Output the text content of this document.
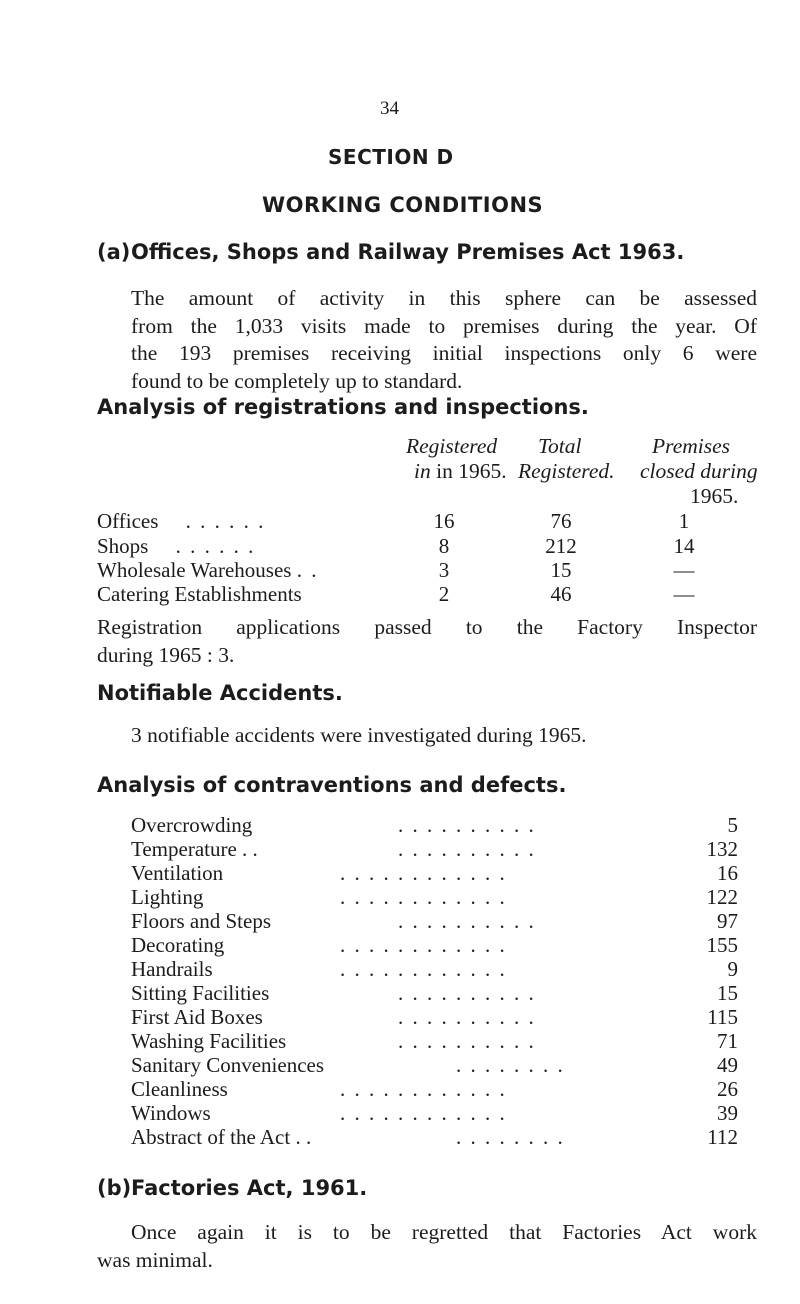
34
SECTION D
WORKING CONDITIONS
(a) Offices, Shops and Railway Premises Act 1963.
The amount of activity in this sphere can be assessed
from the 1,033 visits made to premises during the year. Of
the 193 premises receiving initial inspections only 6 were
found to be completely up to standard.
Analysis of registrations and inspections.
Registered
in in 1965.
Total
Registered.
Premises
closed during
1965.
Offices . . . . . .	16	76	1
Shops . . . . . .	8	212	14
Wholesale Warehouses . .	3	15	—
Catering Establishments	2	46	—
Registration applications passed to the Factory Inspector
during 1965 : 3.
Notifiable Accidents.
3 notifiable accidents were investigated during 1965.
Analysis of contraventions and defects.
Overcrowding	. . . . . . . . . .	5
Temperature . .	. . . . . . . . . .	132
Ventilation	. . . . . . . . . . . .	16
Lighting	. . . . . . . . . . . .	122
Floors and Steps	. . . . . . . . . .	97
Decorating	. . . . . . . . . . . .	155
Handrails	. . . . . . . . . . . .	9
Sitting Facilities	. . . . . . . . . .	15
First Aid Boxes	. . . . . . . . . .	115
Washing Facilities	. . . . . . . . . .	71
Sanitary Conveniences	. . . . . . . .	49
Cleanliness	. . . . . . . . . . . .	26
Windows	. . . . . . . . . . . .	39
Abstract of the Act . .	. . . . . . . .	112
(b) Factories Act, 1961.
Once again it is to be regretted that Factories Act work
was minimal.
